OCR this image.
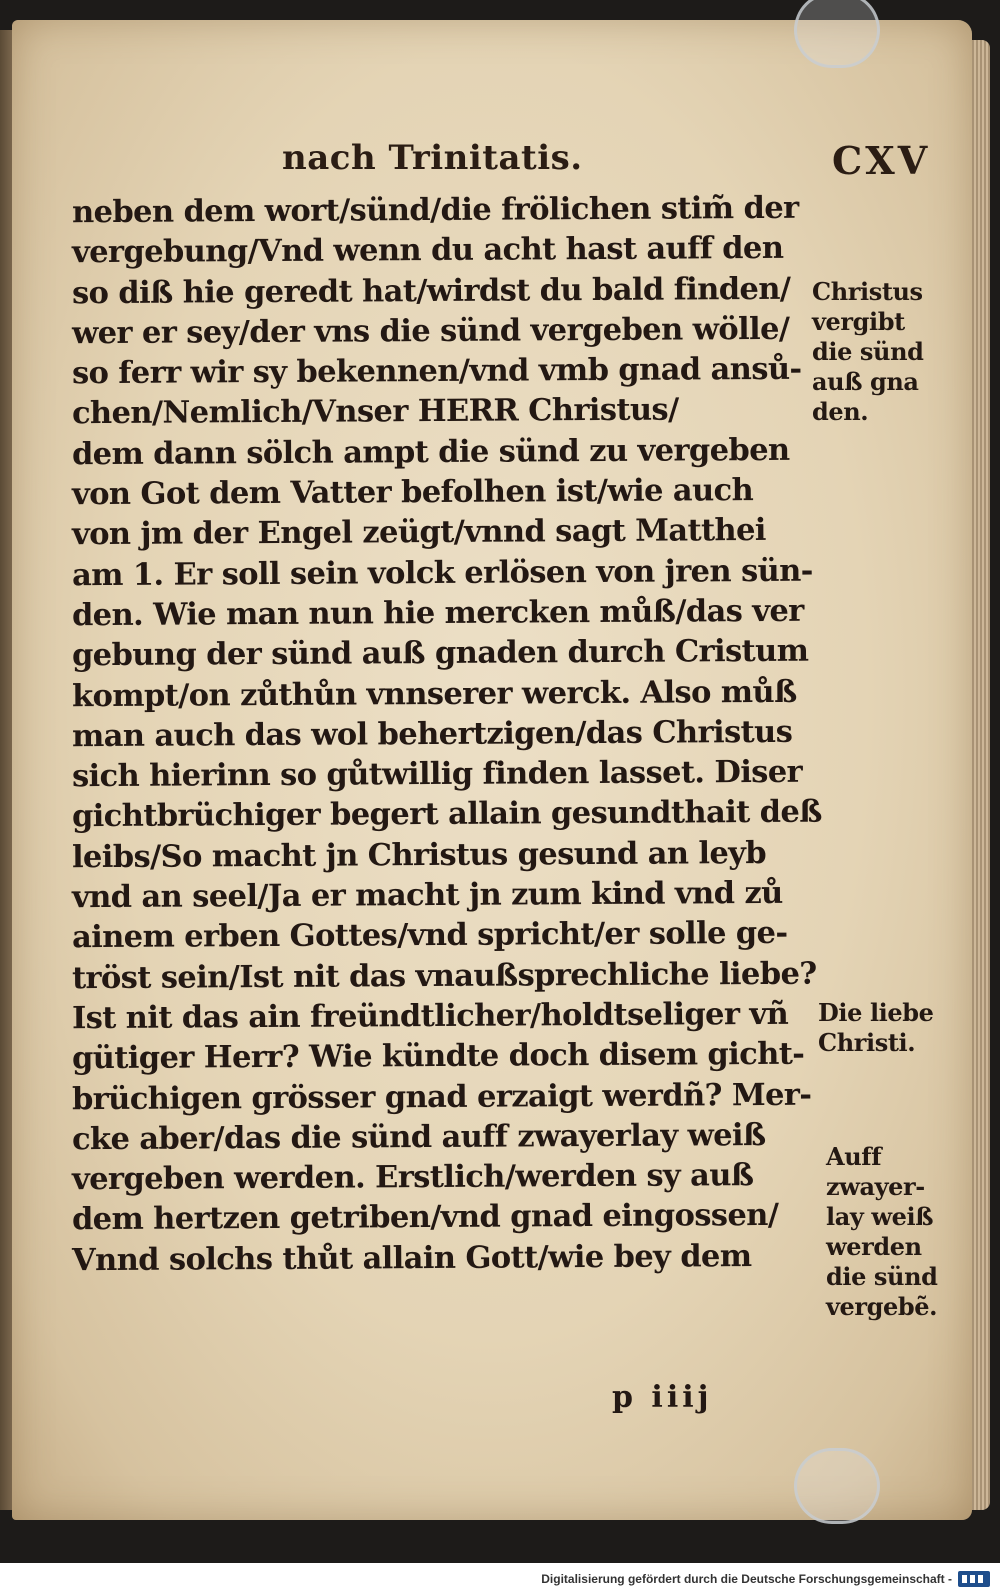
nach Trinitatis.	CXV
neben dem wort/sünd/die frölichen stim̃ der
vergebung/Vnd wenn du acht hast auff den
so diß hie geredt hat/wirdst du bald finden/
wer er sey/der vns die sünd vergeben wölle/
so ferr wir sy bekennen/vnd vmb gnad ansů-
chen/Nemlich/Vnser HERR Christus/
dem dann sölch ampt die sünd zu vergeben
von Got dem Vatter befolhen ist/wie auch
von jm der Engel zeügt/vnnd sagt Matthei
am 1. Er soll sein volck erlösen von jren sün-
den. Wie man nun hie mercken můß/das ver
gebung der sünd auß gnaden durch Cristum
kompt/on zůthůn vnnserer werck. Also můß
man auch das wol behertzigen/das Christus
sich hierinn so gůtwillig finden lasset. Diser
gichtbrüchiger begert allain gesundthait deß
leibs/So macht jn Christus gesund an leyb
vnd an seel/Ja er macht jn zum kind vnd zů
ainem erben Gottes/vnd spricht/er solle ge-
tröst sein/Ist nit das vnaußsprechliche liebe?
Ist nit das ain freündtlicher/holdtseliger vñ
gütiger Herr? Wie kündte doch disem gicht-
brüchigen grösser gnad erzaigt werdñ? Mer-
cke aber/das die sünd auff zwayerlay weiß
vergeben werden. Erstlich/werden sy auß
dem hertzen getriben/vnd gnad eingossen/
Vnnd solchs thůt allain Gott/wie bey dem
Christus
vergibt
die sünd
auß gna
den.
Die liebe
Christi.
Auff
zwayer-
lay weiß
werden
die sünd
vergebẽ.
p iiij
Digitalisierung gefördert durch die Deutsche Forschungsgemeinschaft -
